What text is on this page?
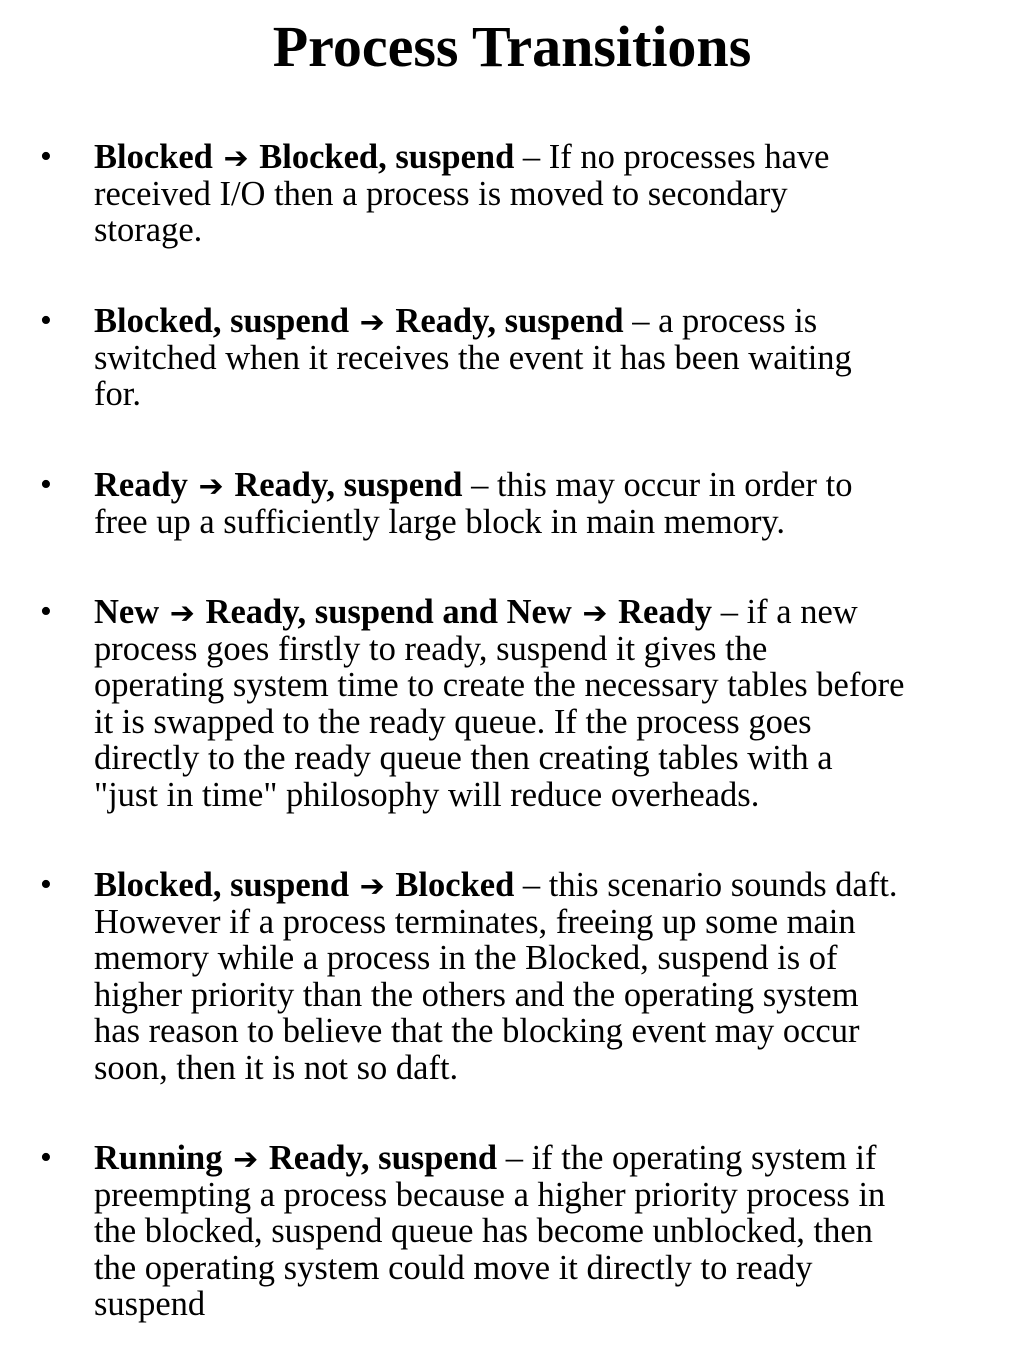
Process Transitions
• Blocked ➔ Blocked, suspend – If no processes have
received I/O then a process is moved to secondary
storage.
• Blocked, suspend ➔ Ready, suspend – a process is
switched when it receives the event it has been waiting
for.
• Ready ➔ Ready, suspend – this may occur in order to
free up a sufficiently large block in main memory.
• New ➔ Ready, suspend and New ➔ Ready – if a new
process goes firstly to ready, suspend it gives the
operating system time to create the necessary tables before
it is swapped to the ready queue. If the process goes
directly to the ready queue then creating tables with a
"just in time" philosophy will reduce overheads.
• Blocked, suspend ➔ Blocked – this scenario sounds daft.
However if a process terminates, freeing up some main
memory while a process in the Blocked, suspend is of
higher priority than the others and the operating system
has reason to believe that the blocking event may occur
soon, then it is not so daft.
• Running ➔ Ready, suspend – if the operating system if
preempting a process because a higher priority process in
the blocked, suspend queue has become unblocked, then
the operating system could move it directly to ready
suspend
